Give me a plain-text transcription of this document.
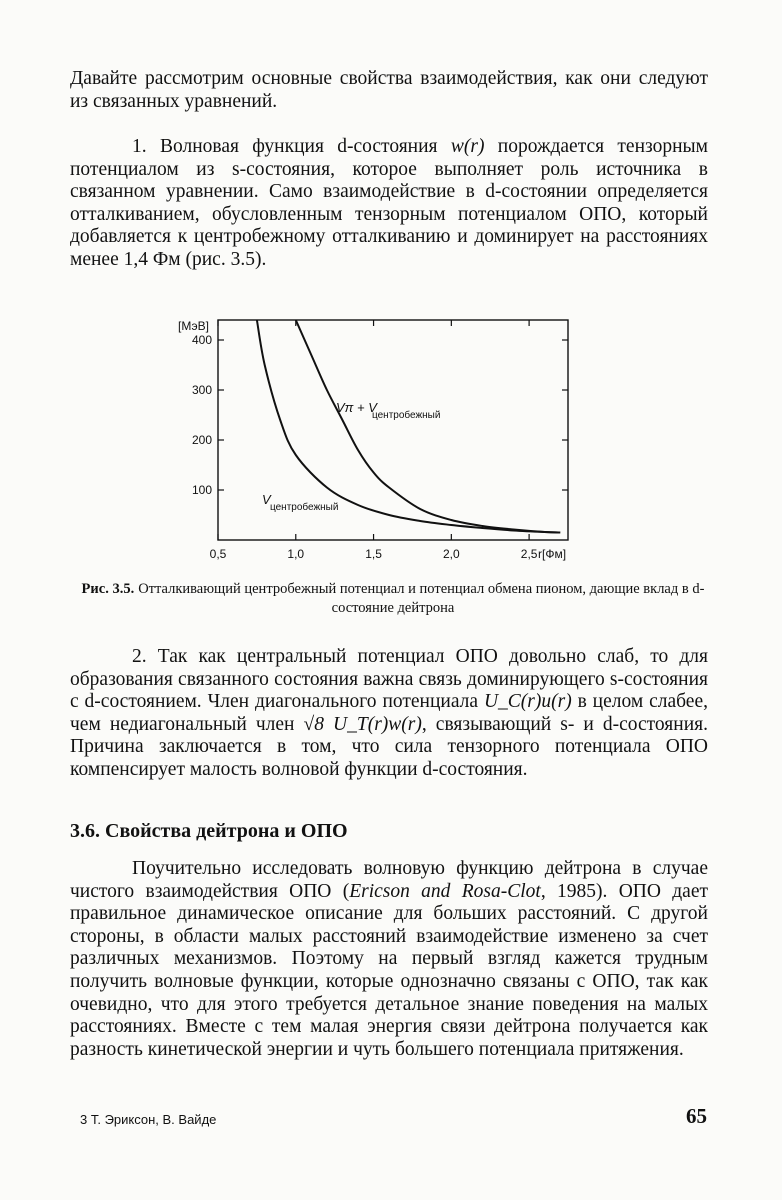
Давайте рассмотрим основные свойства взаимодействия, как они следуют из связанных уравнений.

1. Волновая функция d-состояния w(r) порождается тензорным потенциалом из s-состояния, которое выполняет роль источника в связанном уравнении. Само взаимодействие в d-состоянии определяется отталкиванием, обусловленным тензорным потенциалом ОПО, который добавляется к центробежному отталкиванию и доминирует на расстояниях менее 1,4 Фм (рис. 3.5).

100
200
300
400
0,5	1,0	1,5	2,0	2,5
[МэВ]
r[Фм]
V
центробежный
Vπ + V
центробежный

Рис. 3.5. Отталкивающий центробежный потенциал и потенциал обмена пионом, дающие вклад в d-состояние дейтрона

2. Так как центральный потенциал ОПО довольно слаб, то для образования связанного состояния важна связь доминирующего s-состояния с d-состоянием. Член диагонального потенциала U_C(r)u(r) в целом слабее, чем недиагональный член √8 U_T(r)w(r), связывающий s- и d-состояния. Причина заключается в том, что сила тензорного потенциала ОПО компенсирует малость волновой функции d-состояния.

3.6. Свойства дейтрона и ОПО

Поучительно исследовать волновую функцию дейтрона в случае чистого взаимодействия ОПО (Ericson and Rosa-Clot, 1985). ОПО дает правильное динамическое описание для больших расстояний. С другой стороны, в области малых расстояний взаимодействие изменено за счет различных механизмов. Поэтому на первый взгляд кажется трудным получить волновые функции, которые однозначно связаны с ОПО, так как очевидно, что для этого требуется детальное знание поведения на малых расстояниях. Вместе с тем малая энергия связи дейтрона получается как разность кинетической энергии и чуть большего потенциала притяжения.

3 Т. Эриксон, В. Вайде	65
